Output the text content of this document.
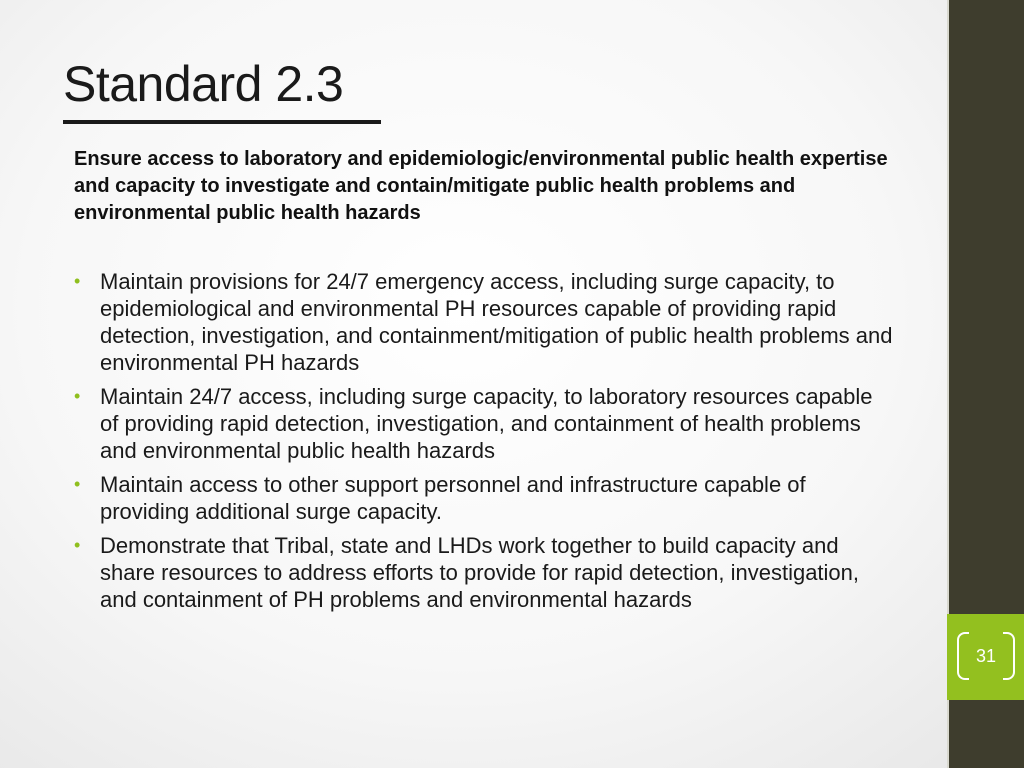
31
Standard 2.3

Ensure access to laboratory and epidemiologic/environmental public health expertise and capacity to investigate and contain/mitigate public health problems and environmental public health hazards

• Maintain provisions for 24/7 emergency access, including surge capacity, to epidemiological and environmental PH resources capable of providing rapid detection, investigation, and containment/mitigation of public health problems and environmental PH hazards
• Maintain 24/7 access, including surge capacity, to laboratory resources capable of providing rapid detection, investigation, and containment of health problems and environmental public health hazards
• Maintain access to other support personnel and infrastructure capable of providing additional surge capacity.
• Demonstrate that Tribal, state and LHDs work together to build capacity and share resources to address efforts to provide for rapid detection, investigation, and containment of PH problems and environmental hazards
